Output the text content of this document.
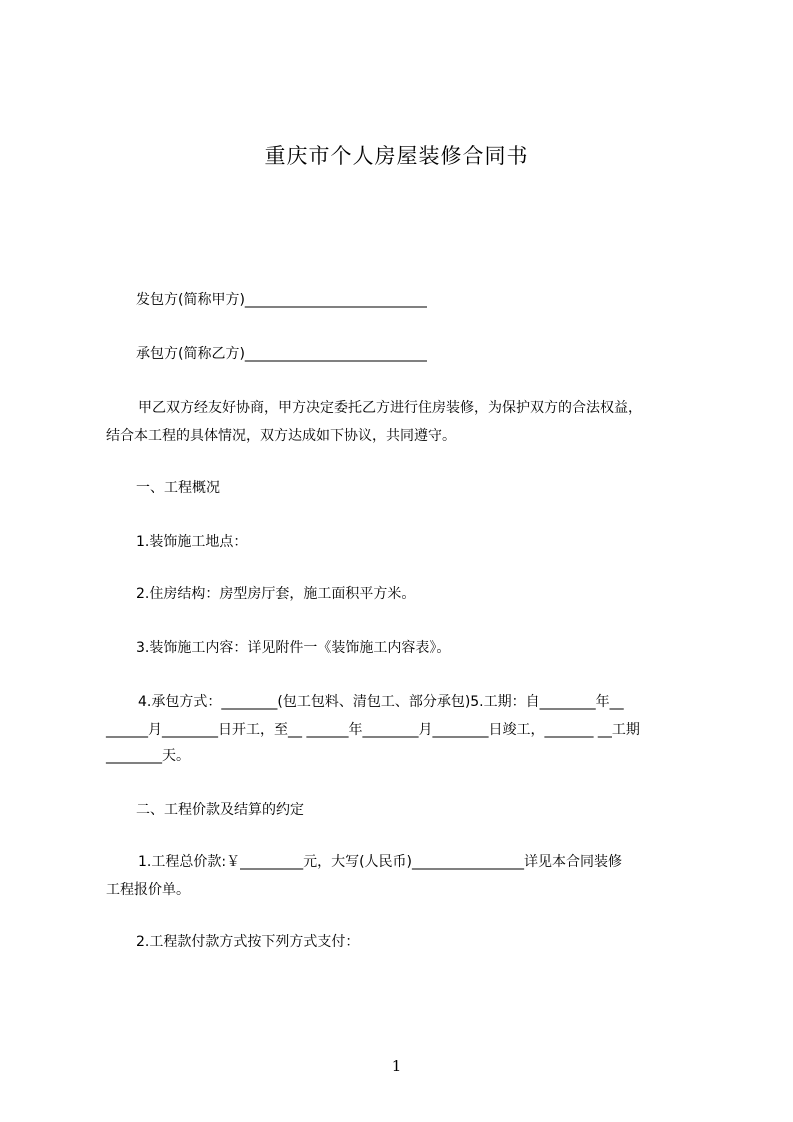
重庆市个人房屋装修合同书
发包方(简称甲方)__________________________
承包方(简称乙方)__________________________
甲乙双方经友好协商，甲方决定委托乙方进行住房装修，为保护双方的合法权益，
结合本工程的具体情况，双方达成如下协议，共同遵守。
一、工程概况
1.装饰施工地点：
2.住房结构：房型房厅套，施工面积平方米。
3.装饰施工内容：详见附件一《装饰施工内容表》。
4.承包方式：________(包工包料、清包工、部分承包)5.工期：自________年__
______月________日开工，至__ ______年________月________日竣工，_______ __工期
________天。
二、工程价款及结算的约定
1.工程总价款:￥_________元，大写(人民币)________________详见本合同装修
工程报价单。
2.工程款付款方式按下列方式支付：
1
